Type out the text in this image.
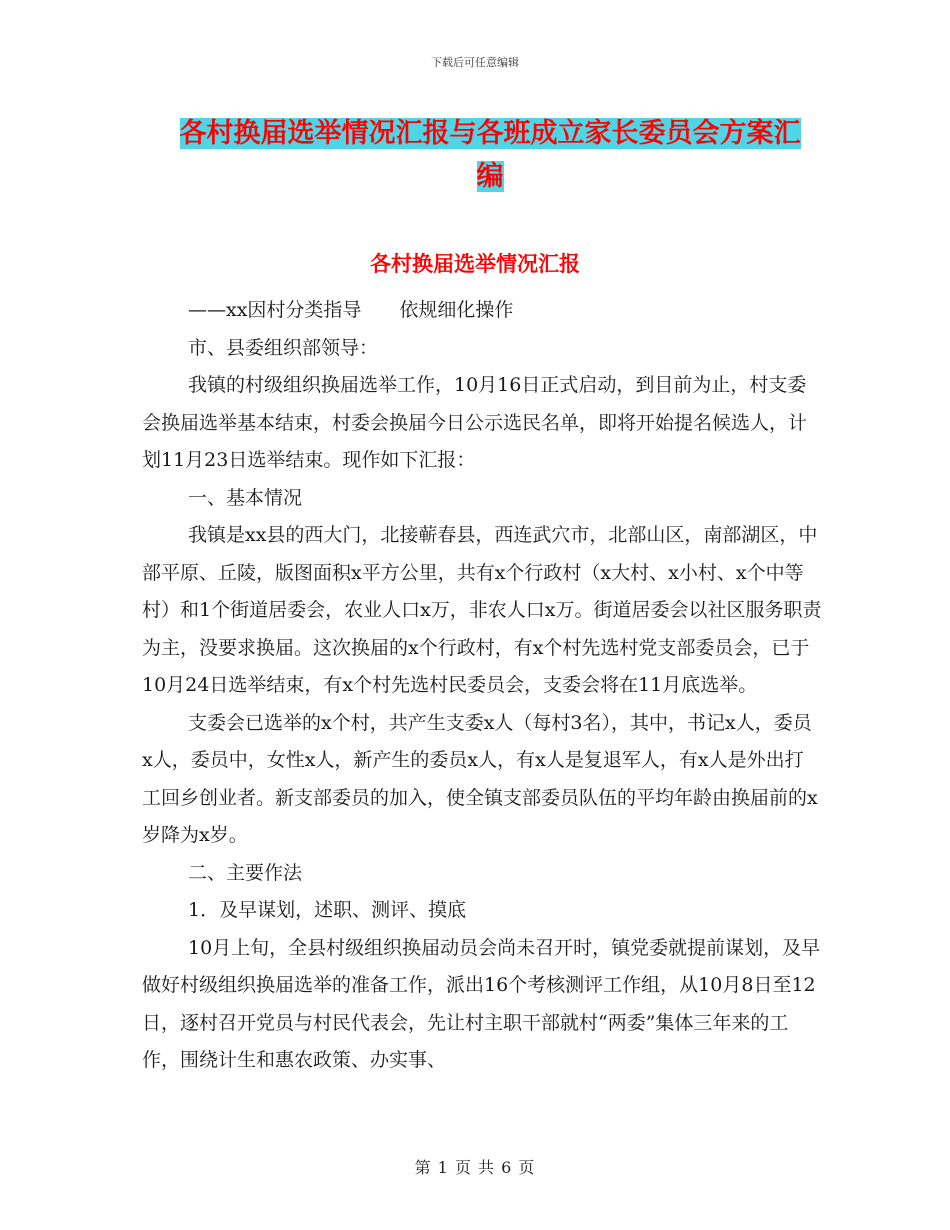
下载后可任意编辑
各村换届选举情况汇报与各班成立家长委员会方案汇
编
各村换届选举情况汇报

——xx因村分类指导　　依规细化操作

市、县委组织部领导：

我镇的村级组织换届选举工作，10月16日正式启动，到目前为止，村支委会换届选举基本结束，村委会换届今日公示选民名单，即将开始提名候选人，计划11月23日选举结束。现作如下汇报：

一、基本情况

我镇是xx县的西大门，北接蕲春县，西连武穴市，北部山区，南部湖区，中部平原、丘陵，版图面积x平方公里，共有x个行政村（x大村、x小村、x个中等村）和1个街道居委会，农业人口x万，非农人口x万。街道居委会以社区服务职责为主，没要求换届。这次换届的x个行政村，有x个村先选村党支部委员会，已于10月24日选举结束，有x个村先选村民委员会，支委会将在11月底选举。

支委会已选举的x个村，共产生支委x人（每村3名），其中，书记x人，委员x人，委员中，女性x人，新产生的委员x人，有x人是复退军人，有x人是外出打工回乡创业者。新支部委员的加入，使全镇支部委员队伍的平均年龄由换届前的x岁降为x岁。

二、主要作法

1．及早谋划，述职、测评、摸底

10月上旬，全县村级组织换届动员会尚未召开时，镇党委就提前谋划，及早做好村级组织换届选举的准备工作，派出16个考核测评工作组，从10月8日至12日，逐村召开党员与村民代表会，先让村主职干部就村“两委”集体三年来的工作，围绕计生和惠农政策、办实事、

第 1 页 共 6 页
